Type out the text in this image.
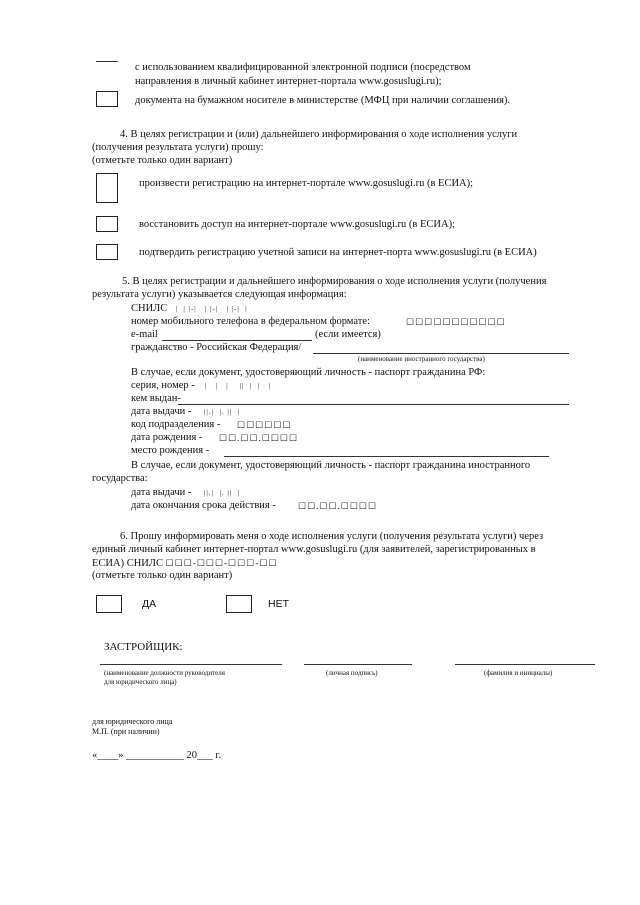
с использованием квалифицированной электронной подписи (посредством
направления в личный кабинет интернет-портала www.gosuslugi.ru);
документа на бумажном носителе в министерстве (МФЦ при наличии соглашения).
4. В целях регистрации и (или) дальнейшего информирования о ходе исполнения услуги
(получения результата услуги) прошу:
(отметьте только один вариант)
произвести регистрацию на интернет-портале www.gosuslugi.ru (в ЕСИА);
восстановить доступ на интернет-портале www.gosuslugi.ru (в ЕСИА);
подтвердить регистрацию учетной записи на интернет-порта www.gosuslugi.ru (в ЕСИА)
5. В целях регистрации и дальнейшего информирования о ходе исполнения услуги (получения
результата услуги) указывается следующая информация:
СНИЛС |  | |-|   | |-|   | |-|  |
номер мобильного телефона в федеральном формате:	☐☐☐☐☐☐☐☐☐☐☐
e-mail	(если имеется)
гражданство - Российская Федерация/
(наименование иностранного государства)
В случае, если документ, удостоверяющий личность - паспорт гражданина РФ:
серия, номер - |   |   |    ||  |  |   |
кем выдан-
дата выдачи - ||.|  |. ||  |
код подразделения - ☐☐☐☐☐☐
дата рождения - ☐☐.☐☐.☐☐☐☐
место рождения -
В случае, если документ, удостоверяющий личность - паспорт гражданина иностранного
государства:
дата выдачи - ||.|  |. ||  |
дата окончания срока действия - ☐☐.☐☐.☐☐☐☐
6. Прошу информировать меня о ходе исполнения услуги (получения результата услуги) через
единый личный кабинет интернет-портал www.gosuslugi.ru (для заявителей, зарегистрированных в
ЕСИА) СНИЛС ☐☐☐-☐☐☐-☐☐☐-☐☐
(отметьте только один вариант)
ДА	НЕТ
ЗАСТРОЙЩИК:
(наименование должности руководителя
для юридического лица)
(личная подпись)	(фамилия и инициалы)
для юридического лица
М.П. (при наличии)
«____» ___________ 20___ г.
